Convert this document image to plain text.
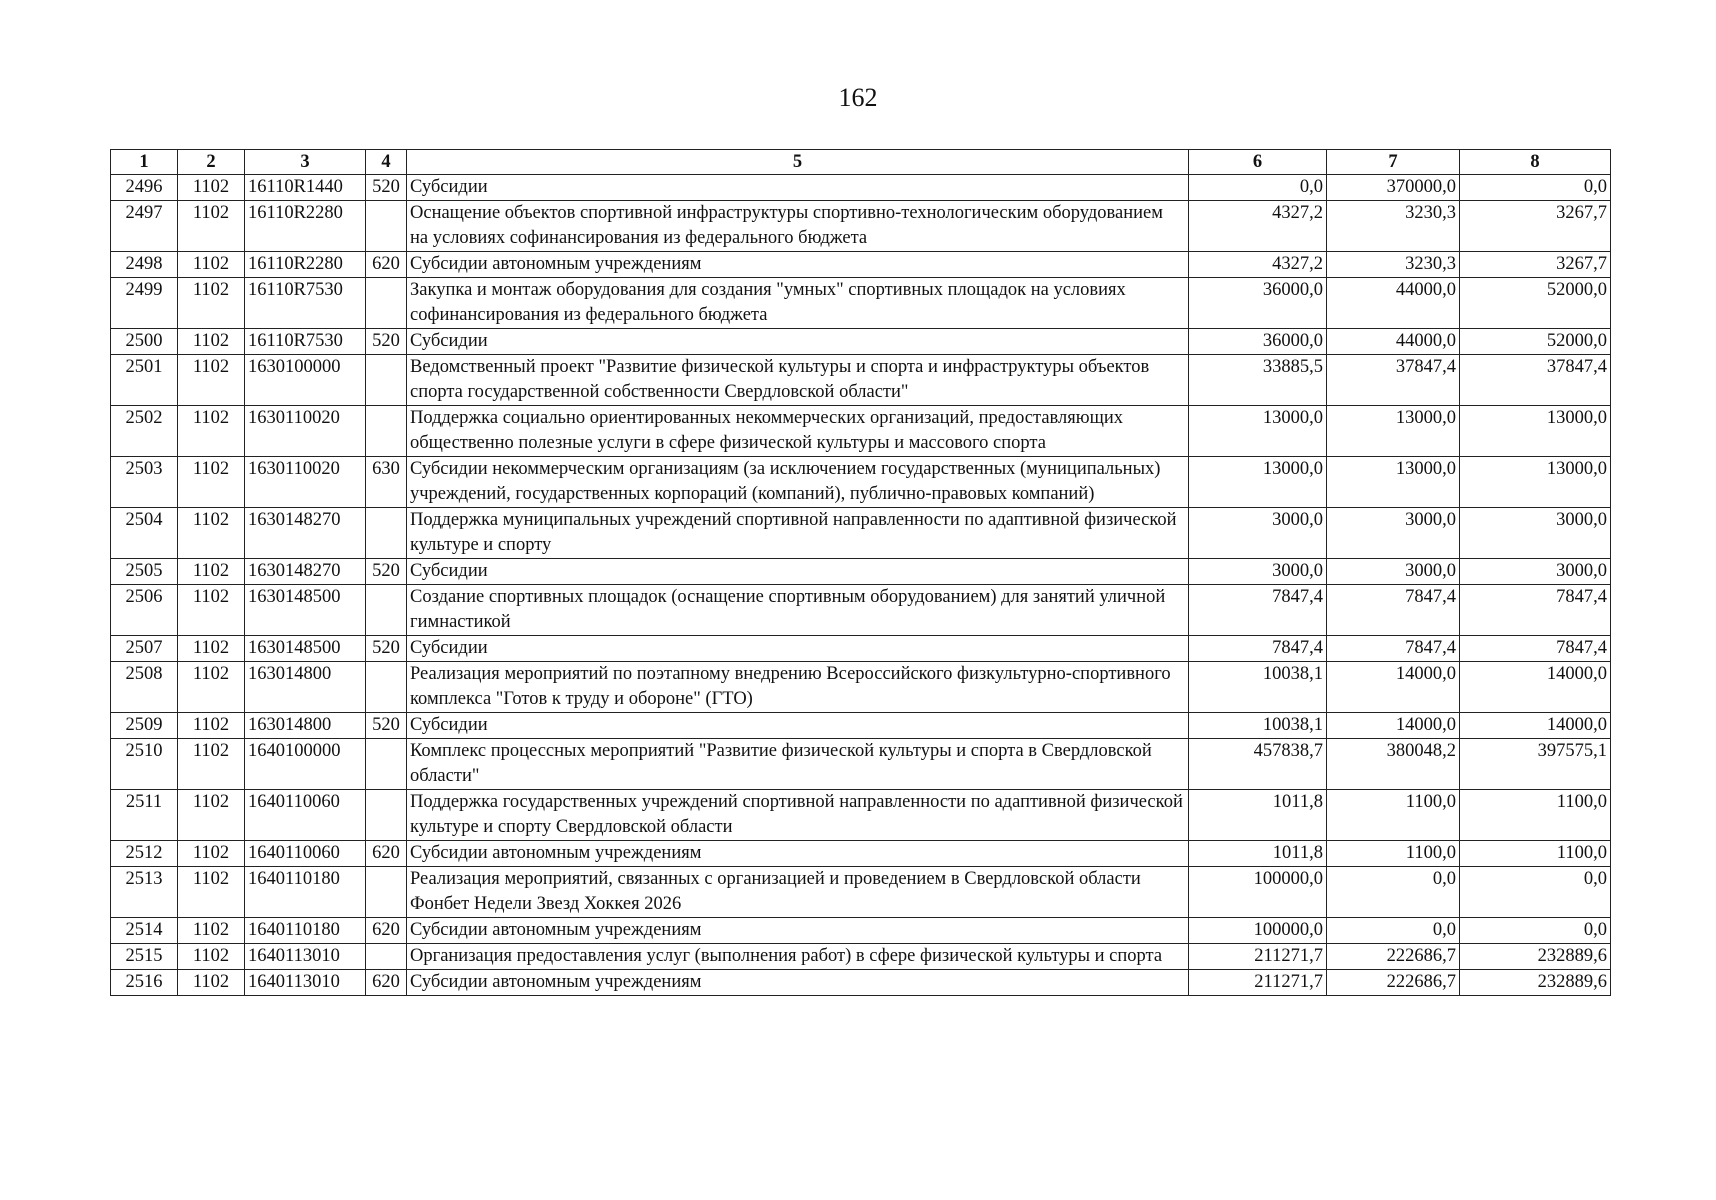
162
1	2	3	4	5	6	7	8
2496	1102	16110R1440	520	Субсидии	0,0	370000,0	0,0
2497	1102	16110R2280		Оснащение объектов спортивной инфраструктуры спортивно-технологическим оборудованием на условиях софинансирования из федерального бюджета	4327,2	3230,3	3267,7
2498	1102	16110R2280	620	Субсидии автономным учреждениям	4327,2	3230,3	3267,7
2499	1102	16110R7530		Закупка и монтаж оборудования для создания "умных" спортивных площадок на условиях софинансирования из федерального бюджета	36000,0	44000,0	52000,0
2500	1102	16110R7530	520	Субсидии	36000,0	44000,0	52000,0
2501	1102	1630100000		Ведомственный проект "Развитие физической культуры и спорта и инфраструктуры объектов спорта государственной собственности Свердловской области"	33885,5	37847,4	37847,4
2502	1102	1630110020		Поддержка социально ориентированных некоммерческих организаций, предоставляющих общественно полезные услуги в сфере физической культуры и массового спорта	13000,0	13000,0	13000,0
2503	1102	1630110020	630	Субсидии некоммерческим организациям (за исключением государственных (муниципальных) учреждений, государственных корпораций (компаний), публично-правовых компаний)	13000,0	13000,0	13000,0
2504	1102	1630148270		Поддержка муниципальных учреждений спортивной направленности по адаптивной физической культуре и спорту	3000,0	3000,0	3000,0
2505	1102	1630148270	520	Субсидии	3000,0	3000,0	3000,0
2506	1102	1630148500		Создание спортивных площадок (оснащение спортивным оборудованием) для занятий уличной гимнастикой	7847,4	7847,4	7847,4
2507	1102	1630148500	520	Субсидии	7847,4	7847,4	7847,4
2508	1102	163014800		Реализация мероприятий по поэтапному внедрению Всероссийского физкультурно-спортивного комплекса "Готов к труду и обороне" (ГТО)	10038,1	14000,0	14000,0
2509	1102	163014800	520	Субсидии	10038,1	14000,0	14000,0
2510	1102	1640100000		Комплекс процессных мероприятий "Развитие физической культуры и спорта в Свердловской области"	457838,7	380048,2	397575,1
2511	1102	1640110060		Поддержка государственных учреждений спортивной направленности по адаптивной физической культуре и спорту Свердловской области	1011,8	1100,0	1100,0
2512	1102	1640110060	620	Субсидии автономным учреждениям	1011,8	1100,0	1100,0
2513	1102	1640110180		Реализация мероприятий, связанных с организацией и проведением в Свердловской области Фонбет Недели Звезд Хоккея 2026	100000,0	0,0	0,0
2514	1102	1640110180	620	Субсидии автономным учреждениям	100000,0	0,0	0,0
2515	1102	1640113010		Организация предоставления услуг (выполнения работ) в сфере физической культуры и спорта	211271,7	222686,7	232889,6
2516	1102	1640113010	620	Субсидии автономным учреждениям	211271,7	222686,7	232889,6
